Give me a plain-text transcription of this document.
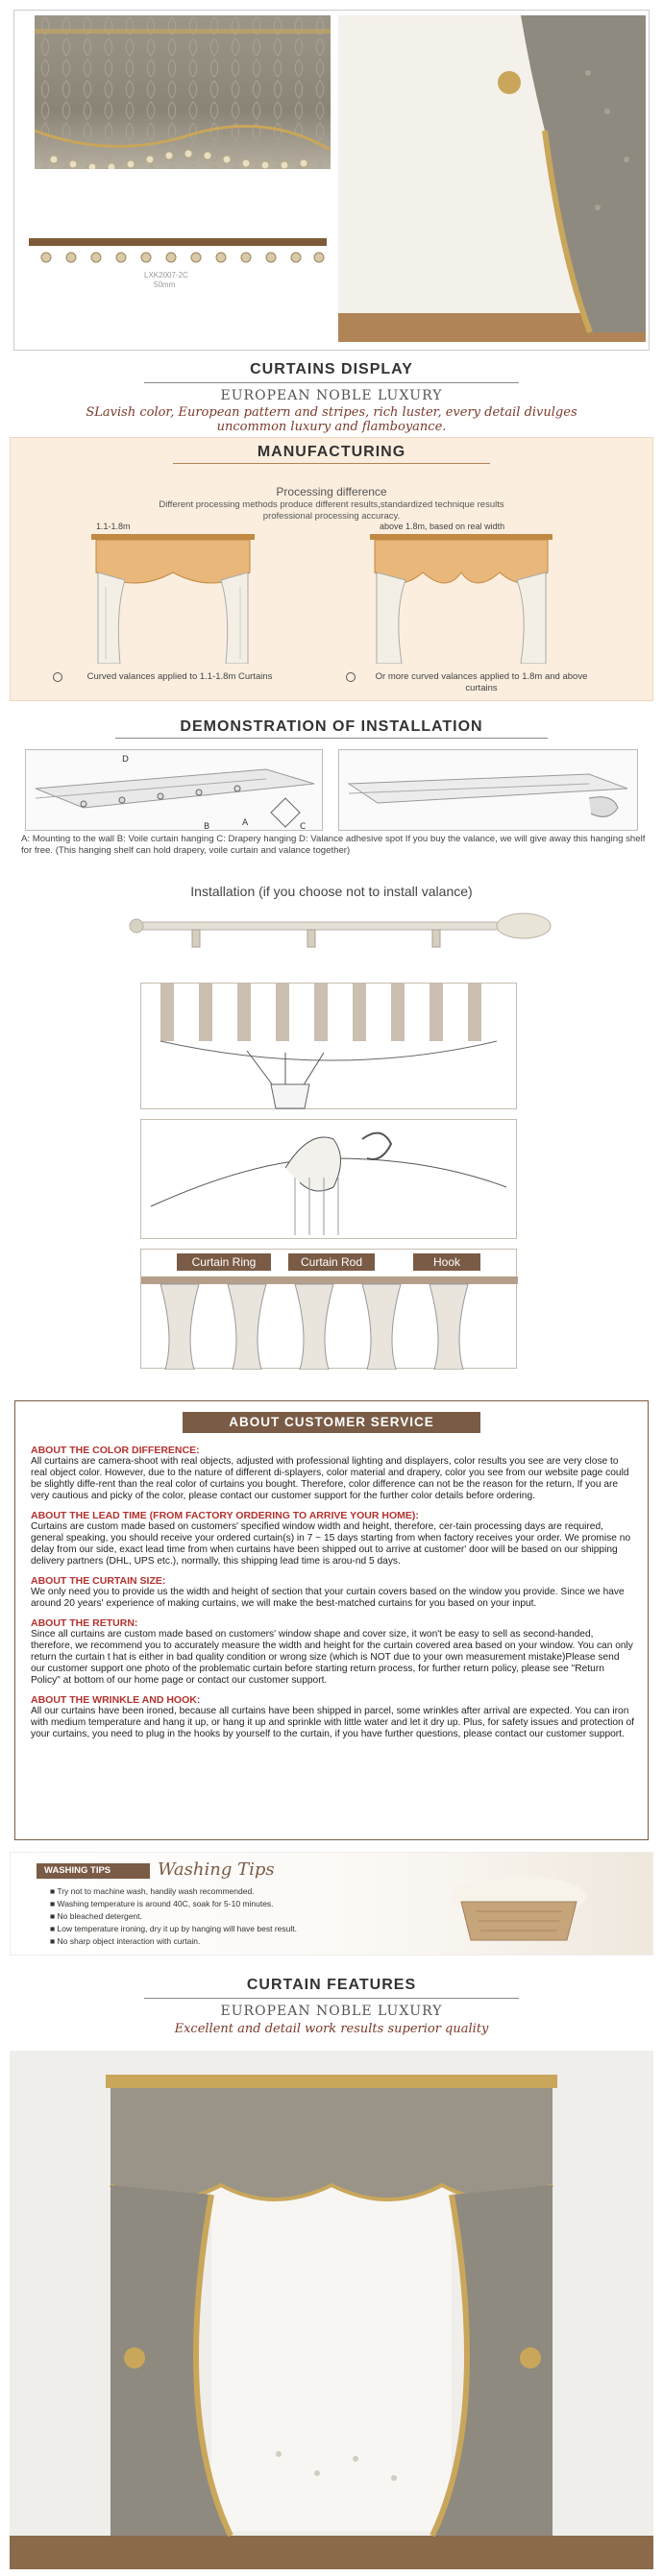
LXK2007-2C
50mm
CURTAINS DISPLAY
EUROPEAN NOBLE LUXURY
SLavish color, European pattern and stripes, rich luster, every detail divulges uncommon luxury and flamboyance.
MANUFACTURING
Processing difference
Different processing methods produce different results,standardized technique results professional processing accuracy.
1.1-1.8m	above 1.8m, based on real width
Curved valances applied to 1.1-1.8m Curtains	Or more curved valances applied to 1.8m and above curtains
DEMONSTRATION OF INSTALLATION
D
A
B	C
A: Mounting to the wall B: Voile curtain hanging C: Drapery hanging D: Valance adhesive spot If you buy the valance, we will give away this hanging shelf for free. (This hanging shelf can hold drapery, voile curtain and valance together)
Installation (if you choose not to install valance)
Curtain Ring	Curtain Rod	Hook
ABOUT CUSTOMER SERVICE
ABOUT THE COLOR DIFFERENCE:

All curtains are camera-shoot with real objects, adjusted with professional lighting and displayers, color results you see are very close to real object color. However, due to the nature of different di-splayers, color material and drapery, color you see from our website page could be slightly diffe-rent than the real color of curtains you bought. Therefore, color difference can not be the reason for the return, If you are very cautious and picky of the color, please contact our customer support for the further color details before ordering.

ABOUT THE LEAD TIME (FROM FACTORY ORDERING TO ARRIVE YOUR HOME):

Curtains are custom made based on customers' specified window width and height, therefore, cer-tain processing days are required, general speaking, you should receive your ordered curtain(s) in 7 ~ 15 days starting from when factory receives your order. We promise no delay from our side, exact lead time from when curtains have been shipped out to arrive at customer' door will be based on our shipping delivery partners (DHL, UPS etc.), normally, this shipping lead time is arou-nd 5 days.

ABOUT THE CURTAIN SIZE:

We only need you to provide us the width and height of section that your curtain covers based on the window you provide. Since we have around 20 years' experience of making curtains, we will make the best-matched curtains for you based on your input.

ABOUT THE RETURN:

Since all curtains are custom made based on customers' window shape and cover size, it won't be easy to sell as second-handed, therefore, we recommend you to accurately measure the width and height for the curtain covered area based on your window. You can only return the curtain t hat is either in bad quality condition or wrong size (which is NOT due to your own measurement mistake)Please send our customer support one photo of the problematic curtain before starting return process, for further return policy, please see "Return Policy" at bottom of our home page or contact our customer support.

ABOUT THE WRINKLE AND HOOK:

All our curtains have been ironed, because all curtains have been shipped in parcel, some wrinkles after arrival are expected. You can iron with medium temperature and hang it up, or hang it up and sprinkle with little water and let it dry up. Plus, for safety issues and protection of your curtains, you need to plug in the hooks by yourself to the curtain, if you have further questions, please contact our customer support.

WASHING TIPS	Washing Tips
■ Try not to machine wash, handily wash recommended.
■ Washing temperature is around 40C, soak for 5-10 minutes.
■ No bleached detergent.
■ Low temperature ironing, dry it up by hanging will have best result.
■ No sharp object interaction with curtain.
CURTAIN FEATURES
EUROPEAN NOBLE LUXURY
Excellent and detail work results superior quality
